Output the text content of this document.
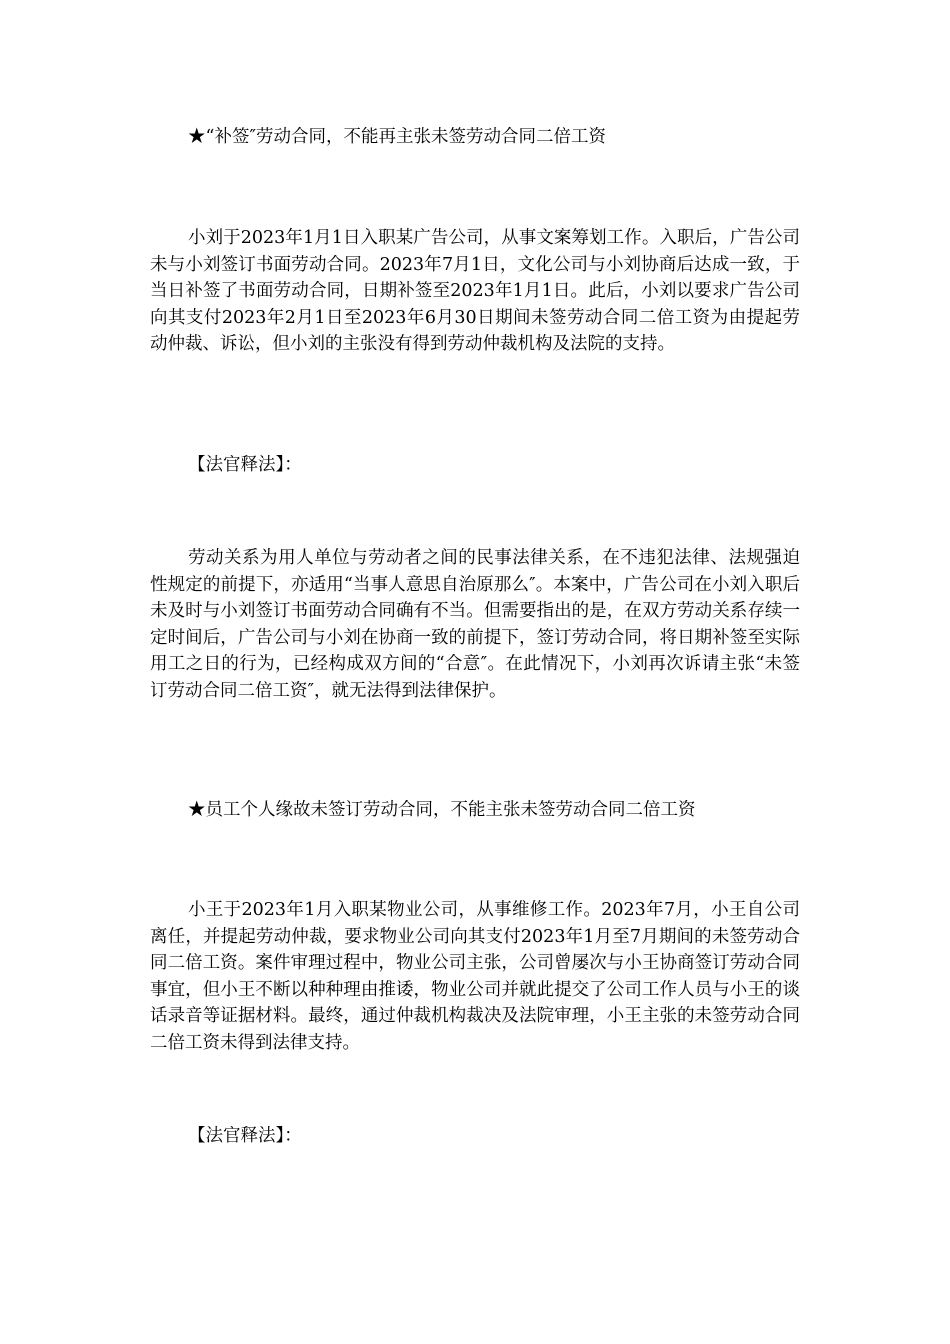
★“补签″劳动合同，不能再主张未签劳动合同二倍工资

小刘于2023年1月1日入职某广告公司，从事文案筹划工作。入职后，广告公司未与小刘签订书面劳动合同。2023年7月1日，文化公司与小刘协商后达成一致，于当日补签了书面劳动合同，日期补签至2023年1月1日。此后，小刘以要求广告公司向其支付2023年2月1日至2023年6月30日期间未签劳动合同二倍工资为由提起劳动仲裁、诉讼，但小刘的主张没有得到劳动仲裁机构及法院的支持。

【法官释法】：

劳动关系为用人单位与劳动者之间的民事法律关系，在不违犯法律、法规强迫性规定的前提下，亦适用“当事人意思自治原那么″。本案中，广告公司在小刘入职后未及时与小刘签订书面劳动合同确有不当。但需要指出的是，在双方劳动关系存续一定时间后，广告公司与小刘在协商一致的前提下，签订劳动合同，将日期补签至实际用工之日的行为，已经构成双方间的“合意″。在此情况下，小刘再次诉请主张“未签订劳动合同二倍工资″，就无法得到法律保护。

★员工个人缘故未签订劳动合同，不能主张未签劳动合同二倍工资

小王于2023年1月入职某物业公司，从事维修工作。2023年7月，小王自公司离任，并提起劳动仲裁，要求物业公司向其支付2023年1月至7月期间的未签劳动合同二倍工资。案件审理过程中，物业公司主张，公司曾屡次与小王协商签订劳动合同事宜，但小王不断以种种理由推诿，物业公司并就此提交了公司工作人员与小王的谈话录音等证据材料。最终，通过仲裁机构裁决及法院审理，小王主张的未签劳动合同二倍工资未得到法律支持。

【法官释法】：
